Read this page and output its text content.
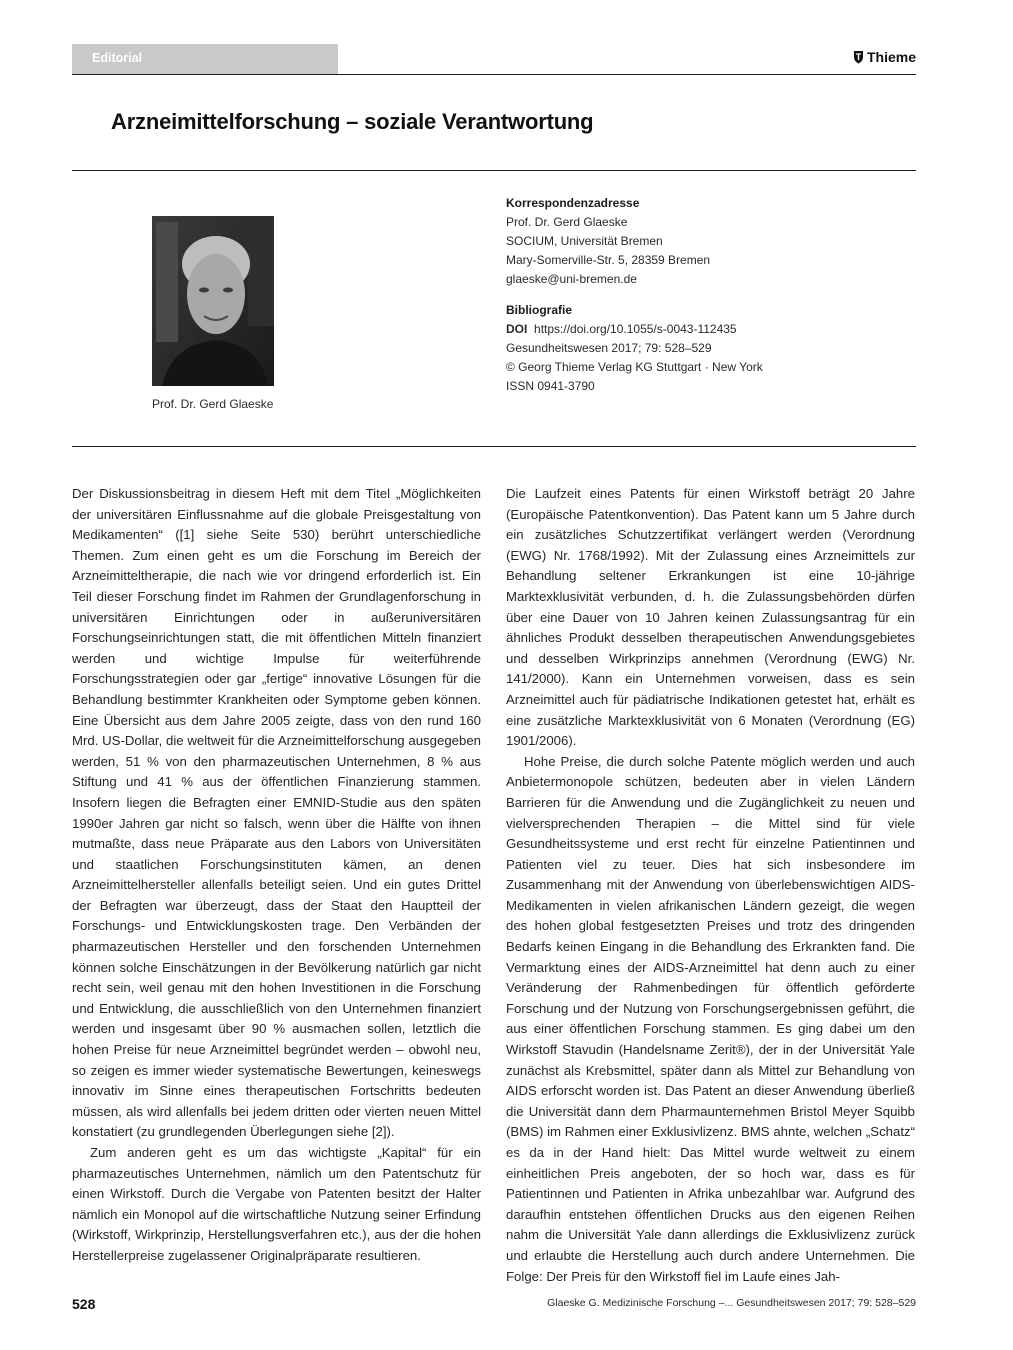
Editorial	Thieme
Arzneimittelforschung – soziale Verantwortung
Prof. Dr. Gerd Glaeske
Korrespondenzadresse
Prof. Dr. Gerd Glaeske
SOCIUM, Universität Bremen
Mary-Somerville-Str. 5, 28359 Bremen
glaeske@uni-bremen.de
Bibliografie
DOI https://doi.org/10.1055/s-0043-112435
Gesundheitswesen 2017; 79: 528–529
© Georg Thieme Verlag KG Stuttgart · New York
ISSN 0941-3790

Der Diskussionsbeitrag in diesem Heft mit dem Titel „Möglichkeiten der universitären Einflussnahme auf die globale Preisgestaltung von Medikamenten“ ([1] siehe Seite 530) berührt unterschiedliche Themen. Zum einen geht es um die Forschung im Bereich der Arzneimitteltherapie, die nach wie vor dringend erforderlich ist. Ein Teil dieser Forschung findet im Rahmen der Grundlagenforschung in universitären Einrichtungen oder in außeruniversitären Forschungseinrichtungen statt, die mit öffentlichen Mitteln finanziert werden und wichtige Impulse für weiterführende Forschungsstrategien oder gar „fertige“ innovative Lösungen für die Behandlung bestimmter Krankheiten oder Symptome geben können. Eine Übersicht aus dem Jahre 2005 zeigte, dass von den rund 160 Mrd. US-Dollar, die weltweit für die Arzneimittelforschung ausgegeben werden, 51 % von den pharmazeutischen Unternehmen, 8 % aus Stiftung und 41 % aus der öffentlichen Finanzierung stammen. Insofern liegen die Befragten einer EMNID-Studie aus den späten 1990er Jahren gar nicht so falsch, wenn über die Hälfte von ihnen mutmaßte, dass neue Präparate aus den Labors von Universitäten und staatlichen Forschungsinstituten kämen, an denen Arzneimittelhersteller allenfalls beteiligt seien. Und ein gutes Drittel der Befragten war überzeugt, dass der Staat den Hauptteil der Forschungs- und Entwicklungskosten trage. Den Verbänden der pharmazeutischen Hersteller und den forschenden Unternehmen können solche Einschätzungen in der Bevölkerung natürlich gar nicht recht sein, weil genau mit den hohen Investitionen in die Forschung und Entwicklung, die ausschließlich von den Unternehmen finanziert werden und insgesamt über 90 % ausmachen sollen, letztlich die hohen Preise für neue Arzneimittel begründet werden – obwohl neu, so zeigen es immer wieder systematische Bewertungen, keineswegs innovativ im Sinne eines therapeutischen Fortschritts bedeuten müssen, als wird allenfalls bei jedem dritten oder vierten neuen Mittel konstatiert (zu grundlegenden Überlegungen siehe [2]).

Zum anderen geht es um das wichtigste „Kapital“ für ein pharmazeutisches Unternehmen, nämlich um den Patentschutz für einen Wirkstoff. Durch die Vergabe von Patenten besitzt der Halter nämlich ein Monopol auf die wirtschaftliche Nutzung seiner Erfindung (Wirkstoff, Wirkprinzip, Herstellungsverfahren etc.), aus der die hohen Herstellerpreise zugelassener Originalpräparate resultieren.

Die Laufzeit eines Patents für einen Wirkstoff beträgt 20 Jahre (Europäische Patentkonvention). Das Patent kann um 5 Jahre durch ein zusätzliches Schutzzertifikat verlängert werden (Verordnung (EWG) Nr. 1768/1992). Mit der Zulassung eines Arzneimittels zur Behandlung seltener Erkrankungen ist eine 10-jährige Marktexklusivität verbunden, d. h. die Zulassungsbehörden dürfen über eine Dauer von 10 Jahren keinen Zulassungsantrag für ein ähnliches Produkt desselben therapeutischen Anwendungsgebietes und desselben Wirkprinzips annehmen (Verordnung (EWG) Nr. 141/2000). Kann ein Unternehmen vorweisen, dass es sein Arzneimittel auch für pädiatrische Indikationen getestet hat, erhält es eine zusätzliche Marktexklusivität von 6 Monaten (Verordnung (EG) 1901/2006).

Hohe Preise, die durch solche Patente möglich werden und auch Anbietermonopole schützen, bedeuten aber in vielen Ländern Barrieren für die Anwendung und die Zugänglichkeit zu neuen und vielversprechenden Therapien – die Mittel sind für viele Gesundheitssysteme und erst recht für einzelne Patientinnen und Patienten viel zu teuer. Dies hat sich insbesondere im Zusammenhang mit der Anwendung von überlebenswichtigen AIDS-Medikamenten in vielen afrikanischen Ländern gezeigt, die wegen des hohen global festgesetzten Preises und trotz des dringenden Bedarfs keinen Eingang in die Behandlung des Erkrankten fand. Die Vermarktung eines der AIDS-Arzneimittel hat denn auch zu einer Veränderung der Rahmenbedingen für öffentlich geförderte Forschung und der Nutzung von Forschungsergebnissen geführt, die aus einer öffentlichen Forschung stammen. Es ging dabei um den Wirkstoff Stavudin (Handelsname Zerit®), der in der Universität Yale zunächst als Krebsmittel, später dann als Mittel zur Behandlung von AIDS erforscht worden ist. Das Patent an dieser Anwendung überließ die Universität dann dem Pharmaunternehmen Bristol Meyer Squibb (BMS) im Rahmen einer Exklusivlizenz. BMS ahnte, welchen „Schatz“ es da in der Hand hielt: Das Mittel wurde weltweit zu einem einheitlichen Preis angeboten, der so hoch war, dass es für Patientinnen und Patienten in Afrika unbezahlbar war. Aufgrund des daraufhin entstehen öffentlichen Drucks aus den eigenen Reihen nahm die Universität Yale dann allerdings die Exklusivlizenz zurück und erlaubte die Herstellung auch durch andere Unternehmen. Die Folge: Der Preis für den Wirkstoff fiel im Laufe eines Jah-

528	Glaeske G. Medizinische Forschung –... Gesundheitswesen 2017; 79: 528–529
